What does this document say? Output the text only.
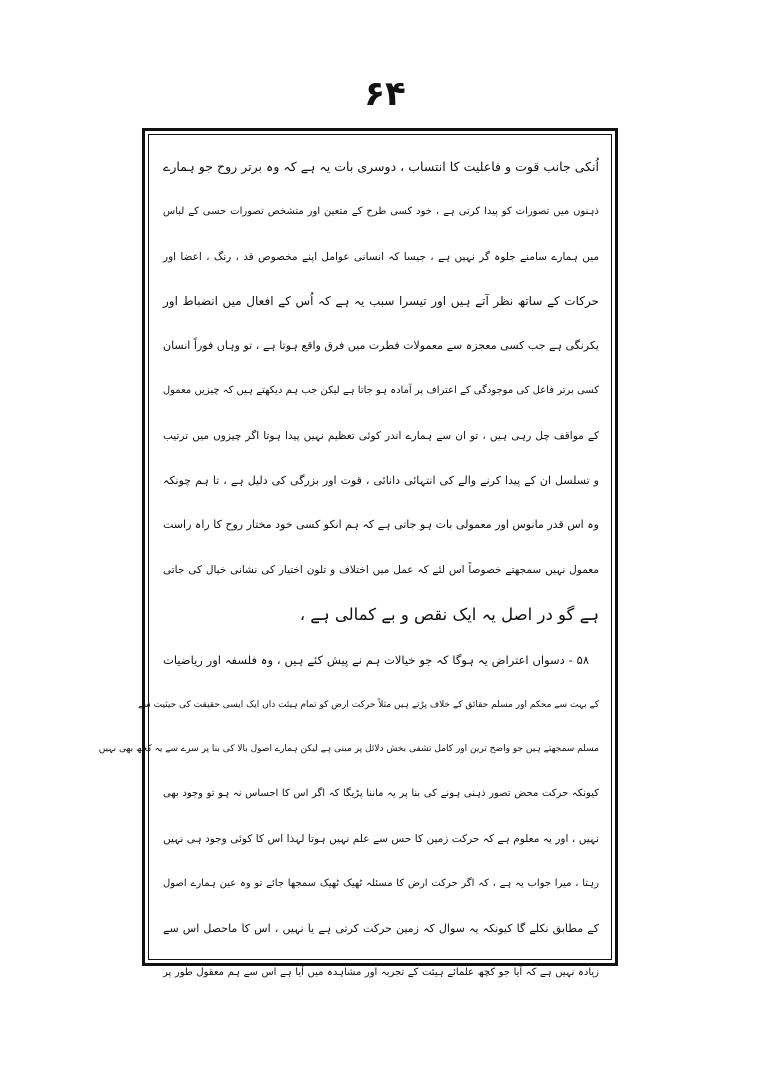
۶۴
اُنکی جانب قوت و فاعلیت کا انتساب ، دوسری بات یہ ہے کہ وہ برتر روح جو ہمارے
ذہنوں میں تصورات کو پیدا کرتی ہے ، خود کسی طرح کے متعین اور متشخص تصورات حسی کے لباس
میں ہمارے سامنے جلوہ گر نہیں ہے ، جیسا کہ انسانی عوامل اپنے مخصوص قد ، رنگ ، اعضا اور
حرکات کے ساتھ نظر آتے ہیں اور تیسرا سبب یہ ہے کہ اُس کے افعال میں انضباط اور
یکرنگی ہے جب کسی معجزہ سے معمولات فطرت میں فرق واقع ہوتا ہے ، تو وہاں فوراً انسان
کسی برتر فاعل کی موجودگی کے اعتراف پر آمادہ ہو جاتا ہے لیکن جب ہم دیکھتے ہیں کہ چیزیں معمول
کے مواقف چل رہی ہیں ، تو ان سے ہمارے اندر کوئی تعظیم نہیں پیدا ہوتا اگر چیزوں میں ترتیب
و تسلسل ان کے پیدا کرنے والے کی انتہائی دانائی ، قوت اور بزرگی کی دلیل ہے ، تا ہم چونکہ
وہ اس قدر مانوس اور معمولی بات ہو جاتی ہے کہ ہم انکو کسی خود مختار روح کا راہ راست
معمول نہیں سمجھتے خصوصاً اس لئے کہ عمل میں اختلاف و تلون اختیار کی نشانی خیال کی جاتی
ہے گو در اصل یہ ایک نقص و بے کمالی ہے ،
۵۸ - دسواں اعتراض یہ ہوگا کہ جو خیالات ہم نے پیش کئے ہیں ، وہ فلسفہ اور ریاضیات
کے بہت سے محکم اور مسلم حقائق کے خلاف پڑتے ہیں مثلاً حرکت ارض کو تمام ہیئت داں ایک ایسی حقیقت کی حیثیت سے
مسلم سمجھتے ہیں جو واضح ترین اور کامل تشفی بخش دلائل پر مبنی ہے لیکن ہمارے اصول بالا کی بنا پر سرے سے یہ کچھ بھی نہیں
کیونکہ حرکت محض تصور ذہنی ہونے کی بنا پر یہ ماننا پڑیگا کہ اگر اس کا احساس نہ ہو تو وجود بھی
نہیں ، اور یہ معلوم ہے کہ حرکت زمین کا حس سے علم نہیں ہوتا لہذا اس کا کوئی وجود ہی نہیں
رہتا ، میرا جواب یہ ہے ، کہ اگر حرکت ارض کا مسئلہ ٹھیک ٹھیک سمجھا جائے تو وہ عین ہمارے اصول
کے مطابق نکلے گا کیونکہ یہ سوال کہ زمین حرکت کرتی ہے یا نہیں ، اس کا ماحصل اس سے
زیادہ نہیں ہے کہ آیا جو کچھ علمائے ہیئت کے تجربہ اور مشاہدہ میں آیا ہے اس سے ہم معقول طور پر
